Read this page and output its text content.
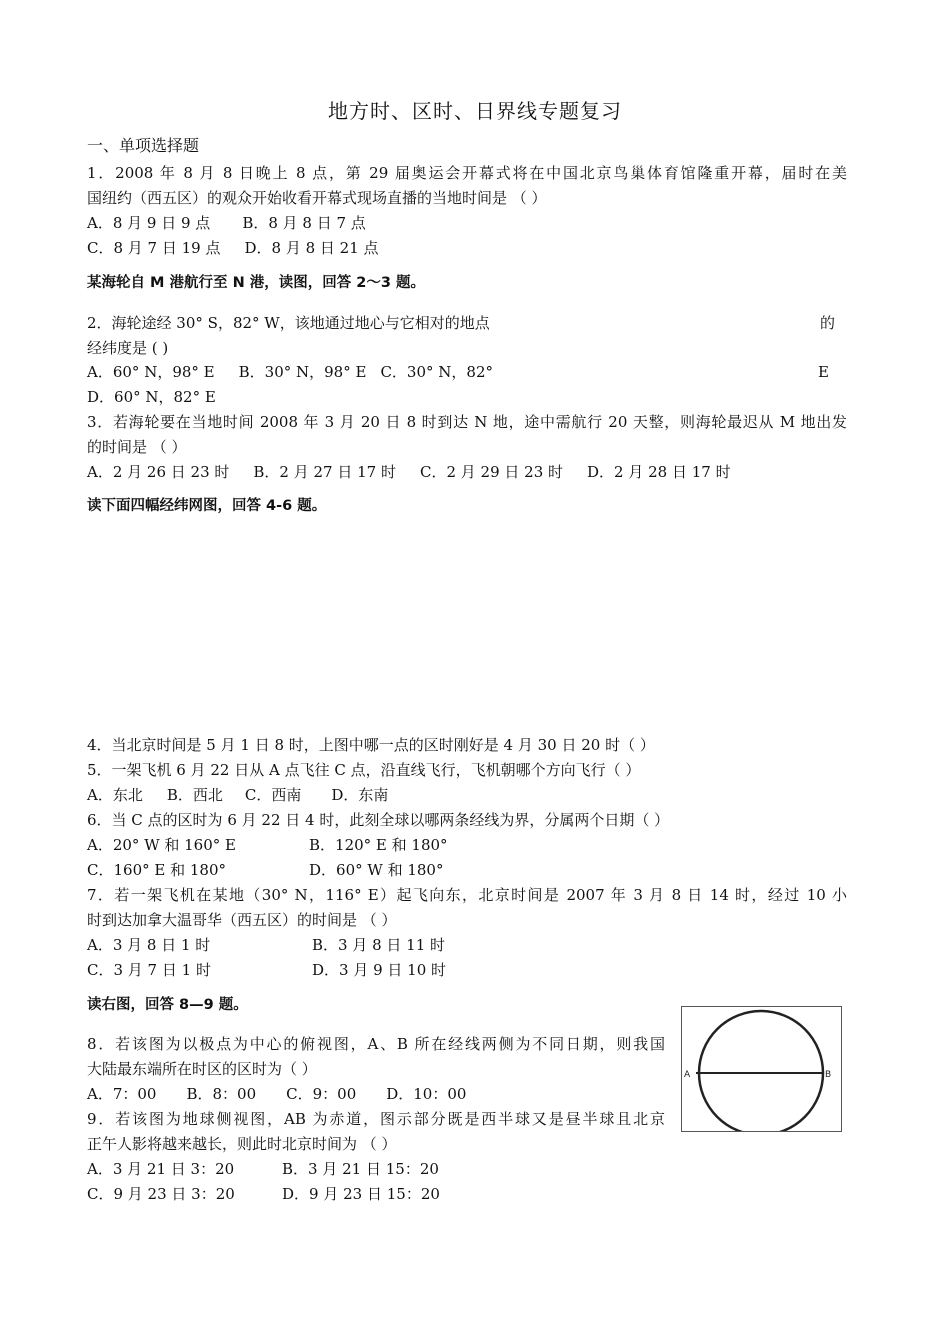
地方时、区时、日界线专题复习
一、单项选择题
1．2008 年 8 月 8 日晚上 8 点，第 29 届奥运会开幕式将在中国北京鸟巢体育馆隆重开幕，届时在美
国纽约（西五区）的观众开始收看开幕式现场直播的当地时间是 （ ）
A．8 月 9 日 9 点 B．8 月 8 日 7 点
C．8 月 7 日 19 点 D．8 月 8 日 21 点
某海轮自 M 港航行至 N 港，读图，回答 2～3 题。
2．海轮途经 30° S，82° W，该地通过地心与它相对的地点	的
经纬度是 ( )
A．60° N，98° E B．30° N，98° E C．30° N，82°	E
D．60° N，82° E
3．若海轮要在当地时间 2008 年 3 月 20 日 8 时到达 N 地，途中需航行 20 天整，则海轮最迟从 M 地出发
的时间是 （ ）
A．2 月 26 日 23 时 B．2 月 27 日 17 时 C．2 月 29 日 23 时 D．2 月 28 日 17 时
读下面四幅经纬网图，回答 4-6 题。
4．当北京时间是 5 月 1 日 8 时，上图中哪一点的区时刚好是 4 月 30 日 20 时（ ）
5．一架飞机 6 月 22 日从 A 点飞往 C 点，沿直线飞行，飞机朝哪个方向飞行（ ）
A．东北 B．西北 C．西南 D．东南
6．当 C 点的区时为 6 月 22 日 4 时，此刻全球以哪两条经线为界，分属两个日期（ ）
A．20° W 和 160° E	B．120° E 和 180°
C．160° E 和 180°	D．60° W 和 180°
7．若一架飞机在某地（30° N，116° E）起飞向东，北京时间是 2007 年 3 月 8 日 14 时，经过 10 小
时到达加拿大温哥华（西五区）的时间是 （ ）
A．3 月 8 日 1 时	B．3 月 8 日 11 时
C．3 月 7 日 1 时	D．3 月 9 日 10 时
读右图，回答 8—9 题。
8．若该图为以极点为中心的俯视图，A、B 所在经线两侧为不同日期，则我国
大陆最东端所在时区的区时为（ ）
A．7：00 B．8：00 C．9：00 D．10：00
9．若该图为地球侧视图，AB 为赤道，图示部分既是西半球又是昼半球且北京
正午人影将越来越长，则此时北京时间为 （ ）
A．3 月 21 日 3：20	B．3 月 21 日 15：20
C．9 月 23 日 3：20	D．9 月 23 日 15：20
A	B
